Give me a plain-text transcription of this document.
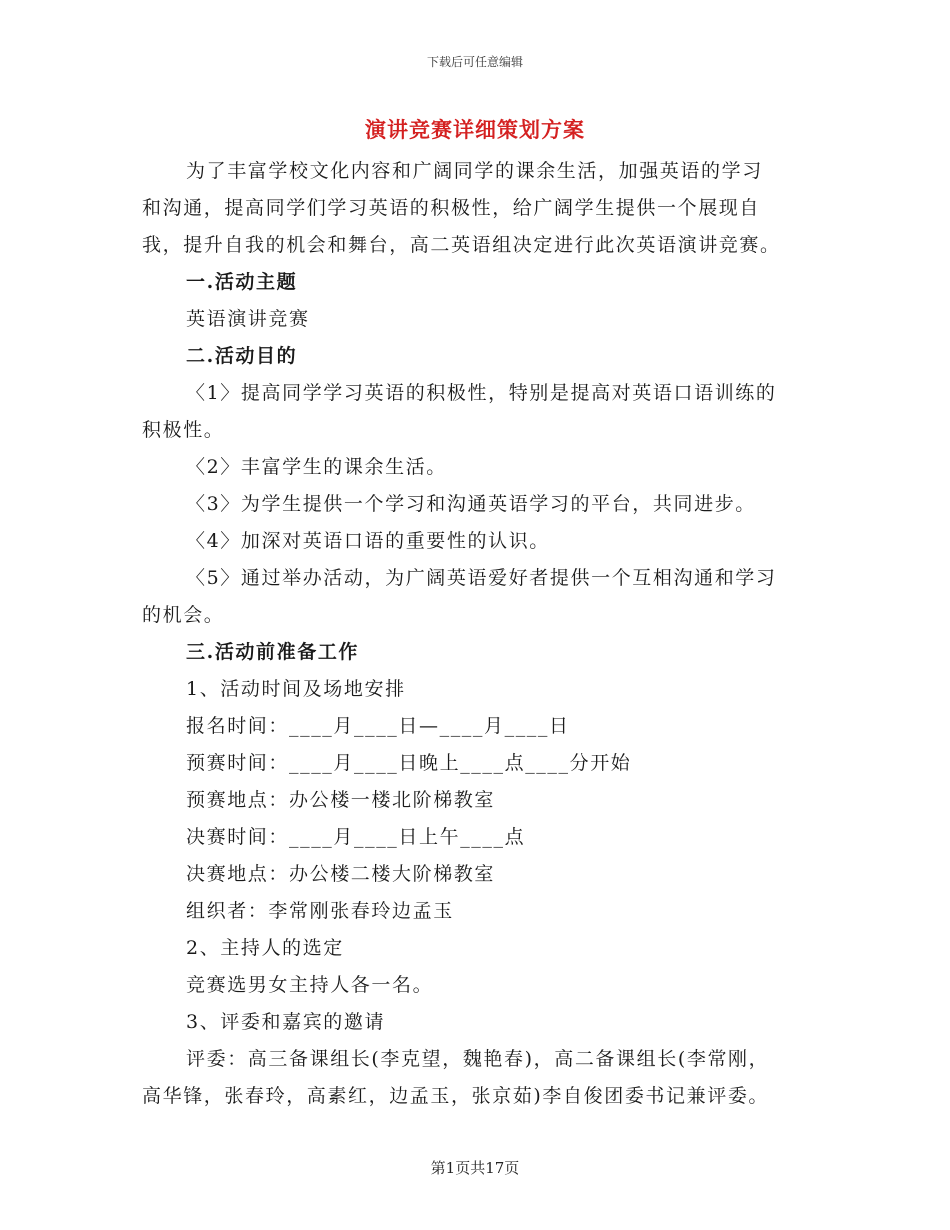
下载后可任意编辑
演讲竞赛详细策划方案
为了丰富学校文化内容和广阔同学的课余生活，加强英语的学习
和沟通，提高同学们学习英语的积极性，给广阔学生提供一个展现自
我，提升自我的机会和舞台，高二英语组决定进行此次英语演讲竞赛。
一.活动主题
英语演讲竞赛
二.活动目的
〈1〉提高同学学习英语的积极性，特别是提高对英语口语训练的
积极性。
〈2〉丰富学生的课余生活。
〈3〉为学生提供一个学习和沟通英语学习的平台，共同进步。
〈4〉加深对英语口语的重要性的认识。
〈5〉通过举办活动，为广阔英语爱好者提供一个互相沟通和学习
的机会。
三.活动前准备工作
1、活动时间及场地安排
报名时间：____月____日—____月____日
预赛时间：____月____日晚上____点____分开始
预赛地点：办公楼一楼北阶梯教室
决赛时间：____月____日上午____点
决赛地点：办公楼二楼大阶梯教室
组织者：李常刚张春玲边孟玉
2、主持人的选定
竞赛选男女主持人各一名。
3、评委和嘉宾的邀请
评委：高三备课组长(李克望，魏艳春)，高二备课组长(李常刚，
高华锋，张春玲，高素红，边孟玉，张京茹)李自俊团委书记兼评委。
第1页共17页
